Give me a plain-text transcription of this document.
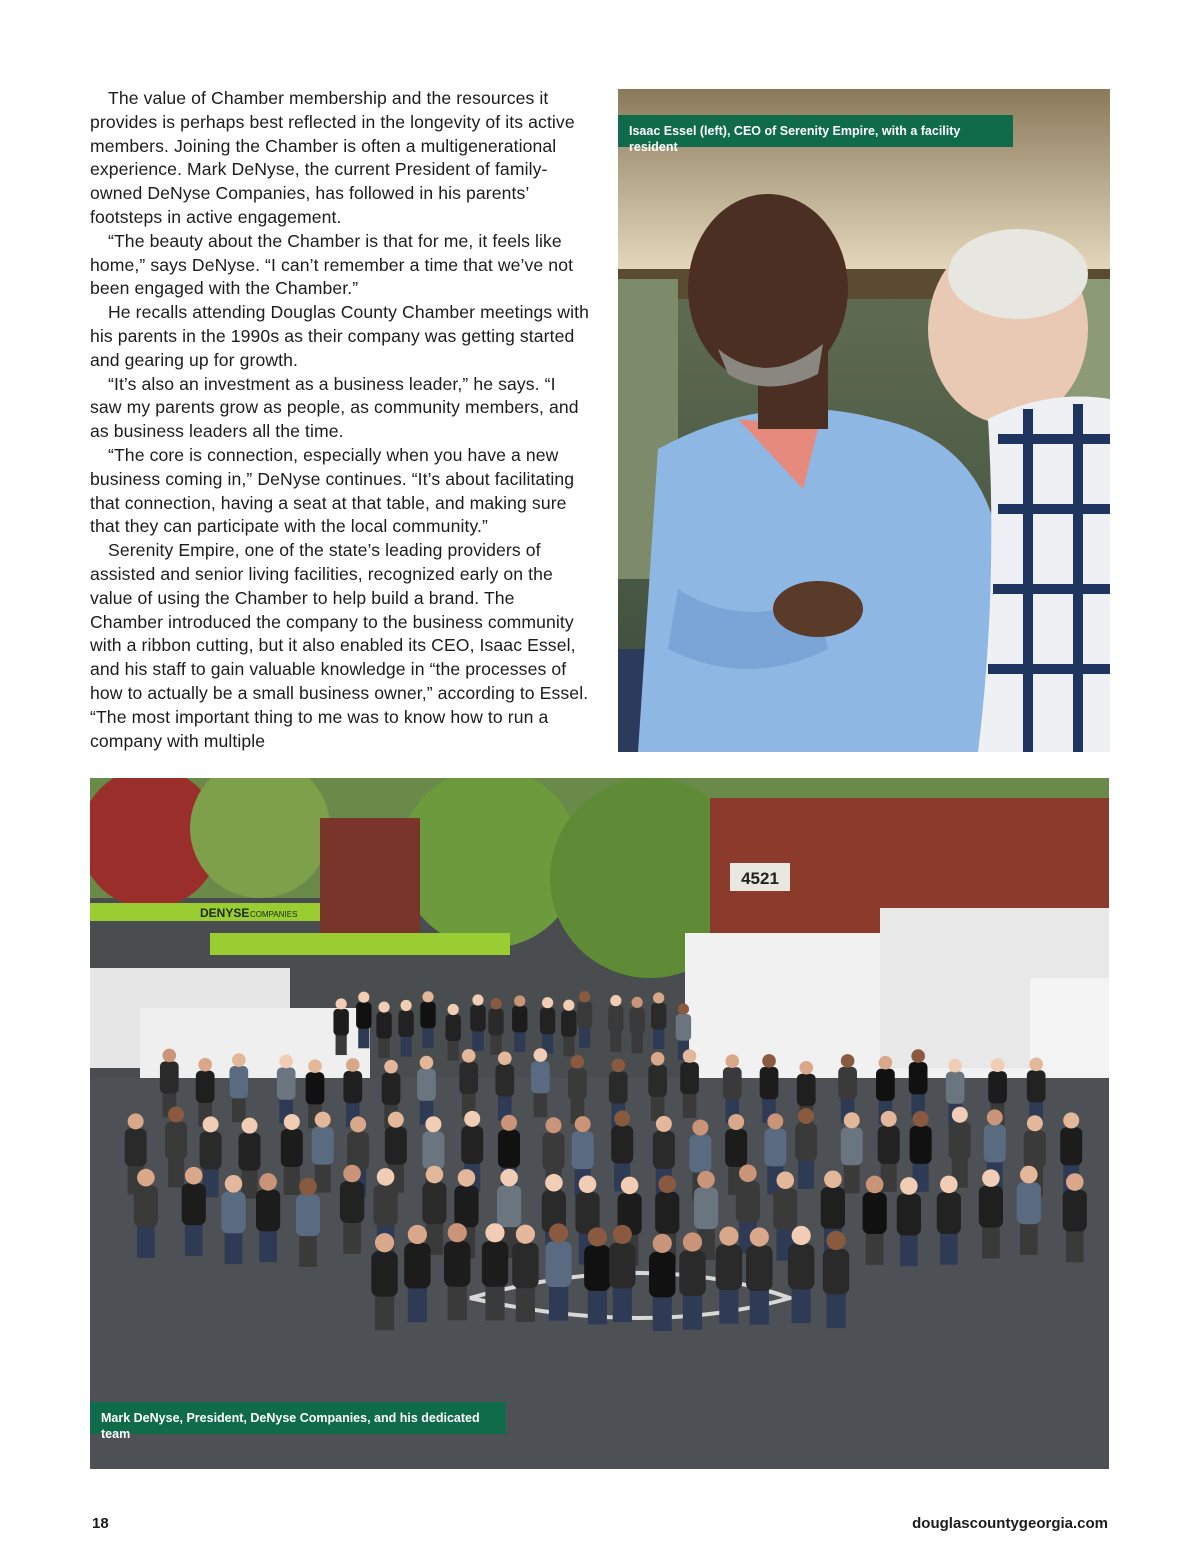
The value of Chamber membership and the resources it provides is perhaps best reflected in the longevity of its active members. Joining the Chamber is often a multigenerational experience. Mark DeNyse, the current President of family-owned DeNyse Companies, has followed in his parents’ footsteps in active engagement.

“The beauty about the Chamber is that for me, it feels like home,” says DeNyse. “I can’t remember a time that we’ve not been engaged with the Chamber.”

He recalls attending Douglas County Chamber meetings with his parents in the 1990s as their company was getting started and gearing up for growth.

“It’s also an investment as a business leader,” he says. “I saw my parents grow as people, as community members, and as business leaders all the time.

“The core is connection, especially when you have a new business coming in,” DeNyse continues. “It’s about facilitating that connection, having a seat at that table, and making sure that they can participate with the local community.”

Serenity Empire, one of the state’s leading providers of assisted and senior living facilities, recognized early on the value of using the Chamber to help build a brand. The Chamber introduced the company to the business community with a ribbon cutting, but it also enabled its CEO, Isaac Essel, and his staff to gain valuable knowledge in “the processes of how to actually be a small business owner,” according to Essel. “The most important thing to me was to know how to run a company with multiple

Isaac Essel (left), CEO of Serenity Empire, with a facility resident
4521
DENYSE COMPANIES
Mark DeNyse, President, DeNyse Companies, and his dedicated team
18	douglascountygeorgia.com
